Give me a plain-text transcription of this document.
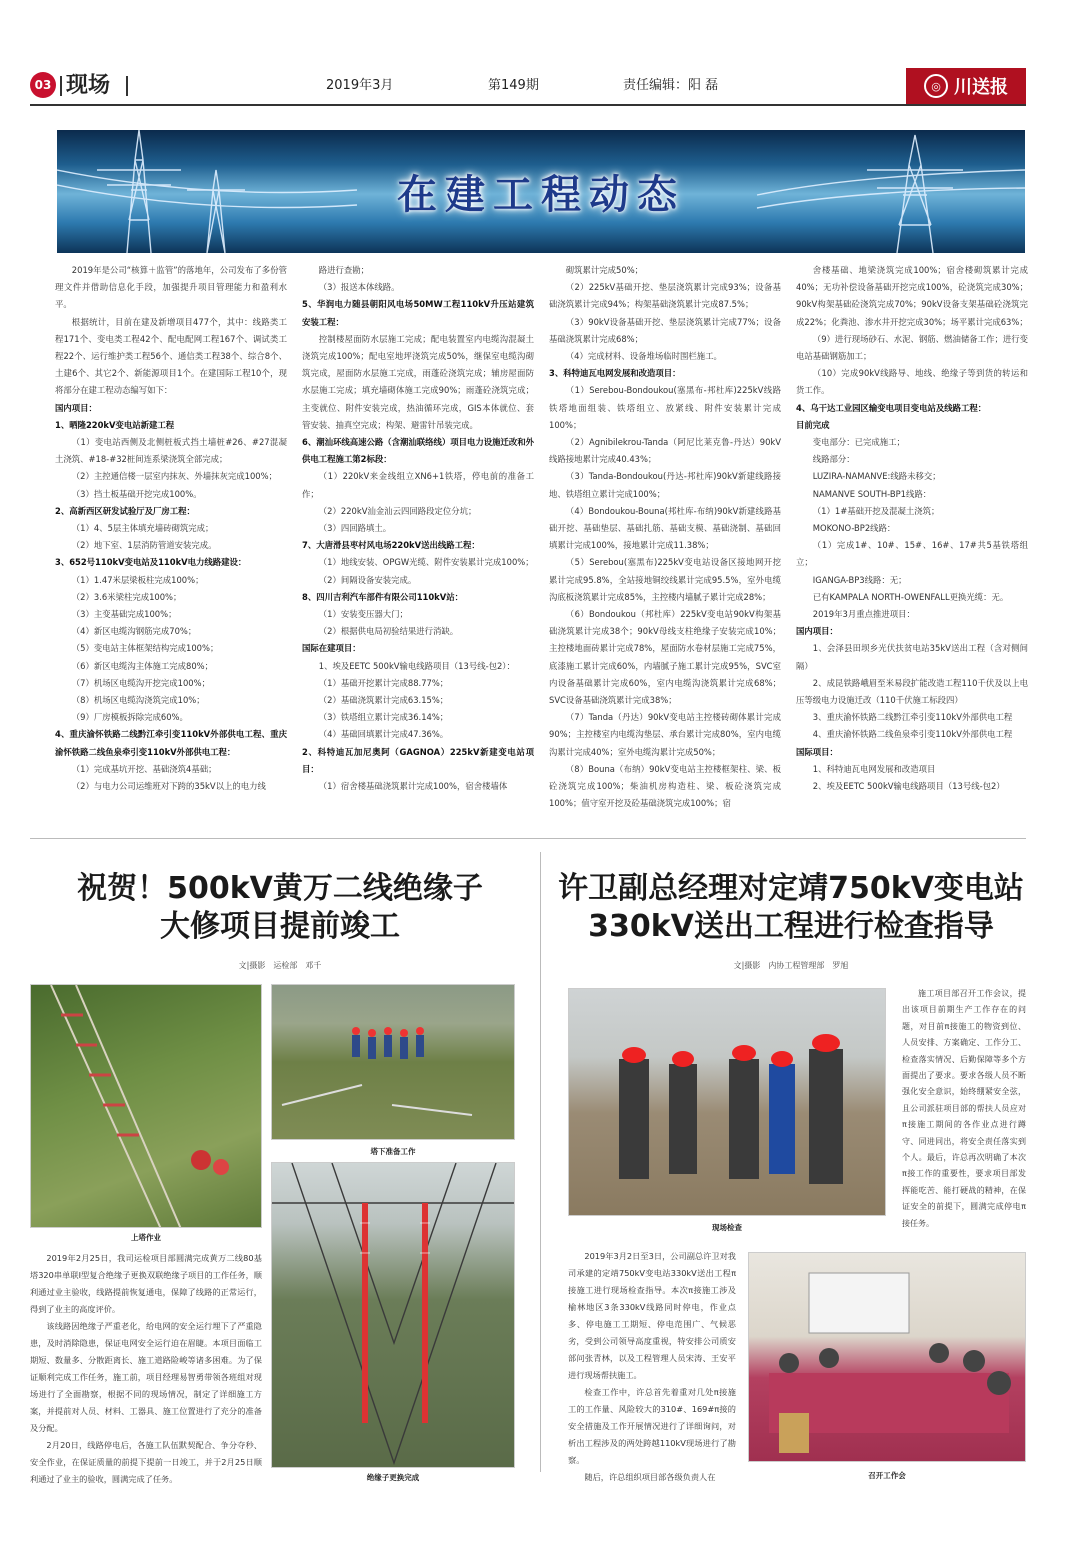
03 现场	2019年3月	第149期	责任编辑：阳 磊	◎ 川送报
在建工程动态

2019年是公司“核算＋监管”的落地年，公司发布了多份管理文件并借助信息化手段，加强提升项目管理能力和盈利水平。

根据统计，目前在建及新增项目477个，其中：线路类工程171个、变电类工程42个、配电配网工程167个、调试类工程22个、运行维护类工程56个、通信类工程38个、综合8个、土建6个、其它2个、新能源项目1个。在建国际工程10个，现将部分在建工程动态编写如下：

国内项目：

1、晒隆220kV变电站新建工程

（1）变电站西侧及北侧桩板式挡土墙桩#26、#27混凝土浇筑、#18-#32桩间连系梁浇筑全部完成；

（2）主控通信楼一层室内抹灰、外墙抹灰完成100%；

（3）挡土板基础开挖完成100%。

2、高新西区研发试验厅及厂房工程：

（1）4、5层主体填充墙砖砌筑完成；

（2）地下室、1层消防管道安装完成。

3、652号110kV变电站及110kV电力线路建设：

（1）1.47米层梁板柱完成100%；

（2）3.6米梁柱完成100%；

（3）主变基础完成100%；

（4）新区电缆沟钢筋完成70%；

（5）变电站主体框架结构完成100%；

（6）新区电缆沟主体施工完成80%；

（7）机场区电缆沟开挖完成100%；

（8）机场区电缆沟浇筑完成10%；

（9）厂房模板拆除完成60%。

4、重庆渝怀铁路二线黔江牵引变110kV外部供电工程、重庆渝怀铁路二线鱼泉牵引变110kV外部供电工程：

（1）完成基坑开挖、基础浇筑4基础；

（2）与电力公司运维班对下跨的35kV以上的电力线

路进行查勘；

（3）报送本体线路。

5、华润电力随县朝阳风电场50MW工程110kV升压站建筑安装工程：

控制楼屋面防水层施工完成；配电装置室内电缆沟混凝土浇筑完成100%；配电室地坪浇筑完成50%，继保室电缆沟砌筑完成，屋面防水层施工完成，雨蓬砼浇筑完成；辅房屋面防水层施工完成；填充墙砌体施工完成90%；雨蓬砼浇筑完成；主变就位、附件安装完成，热油循环完成，GIS本体就位、套管安装、抽真空完成；构架、避雷针吊装完成。

6、潮汕环线高速公路（含潮汕联络线）项目电力设施迁改和外供电工程施工第2标段：

（1）220kV来金线组立XN6+1铁塔，停电前的准备工作；

（2）220kV汕金汕云四回路段定位分坑；

（3）四回路填土。

7、大唐滑县枣村风电场220kV送出线路工程：

（1）地线安装、OPGW光缆、附件安装累计完成100%；

（2）间隔设备安装完成。

8、四川吉利汽车部件有限公司110kV站：

（1）安装变压器大门；

（2）根据供电局初验结果进行消缺。

国际在建项目：

1、埃及EETC 500kV输电线路项目（13号线-包2）：

（1）基础开挖累计完成88.77%；

（2）基础浇筑累计完成63.15%；

（3）铁塔组立累计完成36.14%；

（4）基础回填累计完成47.36%。

2、科特迪瓦加尼奥阿（GAGNOA）225kV新建变电站项目：

（1）宿舍楼基础浇筑累计完成100%，宿舍楼墙体

砌筑累计完成50%；

（2）225kV基础开挖、垫层浇筑累计完成93%；设备基础浇筑累计完成94%；构架基础浇筑累计完成87.5%；

（3）90kV设备基础开挖、垫层浇筑累计完成77%；设备基础浇筑累计完成68%；

（4）完成材料、设备堆场临时围栏施工。

3、科特迪瓦电网发展和改造项目：

（1）Serebou-Bondoukou(塞黑布-邦杜库)225kV线路铁塔地面组装、铁塔组立、放紧线、附件安装累计完成100%；

（2）Agnibilekrou-Tanda（阿尼比莱克鲁-丹达）90kV线路接地累计完成40.43%；

（3）Tanda-Bondoukou(丹达-邦杜库)90kV新建线路接地、铁塔组立累计完成100%；

（4）Bondoukou-Bouna(邦杜库-布纳)90kV新建线路基础开挖、基础垫层、基础扎筋、基础支模、基础浇制、基础回填累计完成100%，接地累计完成11.38%；

（5）Serebou(塞黑布)225kV变电站设备区接地网开挖累计完成95.8%，全站接地铜绞线累计完成95.5%，室外电缆沟底板浇筑累计完成85%，主控楼内墙腻子累计完成28%；

（6）Bondoukou（邦杜库）225kV变电站90kV构架基础浇筑累计完成38个；90kV母线支柱绝缘子安装完成10%；主控楼地面砖累计完成78%，屋面防水卷材层施工完成75%，底漆施工累计完成60%，内墙腻子施工累计完成95%，SVC室内设备基础累计完成60%，室内电缆沟浇筑累计完成68%；SVC设备基础浇筑累计完成38%；

（7）Tanda（丹达）90kV变电站主控楼砖砌体累计完成90%；主控楼室内电缆沟垫层、承台累计完成80%，室内电缆沟累计完成40%；室外电缆沟累计完成50%；

（8）Bouna（布纳）90kV变电站主控楼框架柱、梁、板砼浇筑完成100%；柴油机房构造柱、梁、板砼浇筑完成100%；值守室开挖及砼基础浇筑完成100%；宿

舍楼基础、地梁浇筑完成100%；宿舍楼砌筑累计完成40%；无功补偿设备基础开挖完成100%，砼浇筑完成30%；90kV构架基础砼浇筑完成70%；90kV设备支架基础砼浇筑完成22%；化粪池、渗水井开挖完成30%；场平累计完成63%；

（9）进行现场砂石、水泥、钢筋、燃油储备工作；进行变电站基础钢筋加工；

（10）完成90kV线路导、地线、绝缘子等到货的转运和货工作。

4、乌干达工业园区输变电项目变电站及线路工程：

目前完成

变电部分：已完成施工；

线路部分：

LUZIRA-NAMANVE:线路未移交；

NAMANVE SOUTH-BP1线路：

（1）1#基础开挖及混凝土浇筑；

MOKONO-BP2线路：

（1）完成1#、10#、15#、16#、17#共5基铁塔组立；

IGANGA-BP3线路：无；

已有KAMPALA NORTH-OWENFALL更换光缆：无。

2019年3月重点推进项目：

国内项目：

1、会泽县田坝乡光伏扶贫电站35kV送出工程（含对侧间隔）

2、成昆铁路峨眉至米易段扩能改造工程110千伏及以上电压等级电力设施迁改（110千伏施工标段四）

3、重庆渝怀铁路二线黔江牵引变110kV外部供电工程

4、重庆渝怀铁路二线鱼泉牵引变110kV外部供电工程

国际项目：

1、科特迪瓦电网发展和改造项目

2、埃及EETC 500kV输电线路项目（13号线-包2）

祝贺！500kV黄万二线绝缘子
大修项目提前竣工
文|摄影　运检部　邓千
上塔作业
塔下准备工作
绝缘子更换完成

2019年2月25日，我司运检项目部圆满完成黄万二线80基塔320串单联I型复合绝缘子更换双联绝缘子项目的工作任务，顺利通过业主验收，线路提前恢复通电，保障了线路的正常运行，得到了业主的高度评价。

该线路因绝缘子严重老化，给电网的安全运行埋下了严重隐患，及时消除隐患，保证电网安全运行迫在眉睫。本项目面临工期短、数量多、分散距离长、施工道路险峻等诸多困难。为了保证顺利完成工作任务，施工前，项目经理易智勇带领各班组对现场进行了全面勘察，根据不同的现场情况，制定了详细施工方案，并提前对人员、材料、工器具、施工位置进行了充分的准备及分配。

2月20日，线路停电后，各施工队伍默契配合、争分夺秒、安全作业，在保证质量的前提下提前一日竣工，并于2月25日顺利通过了业主的验收，圆满完成了任务。

许卫副总经理对定靖750kV变电站
330kV送出工程进行检查指导
文|摄影　内协工程管理部　罗旭
现场检查

施工项目部召开工作会议，提出该项目前期生产工作存在的问题，对目前π接施工的物资到位、人员安排、方案确定、工作分工、检查落实情况、后勤保障等多个方面提出了要求。要求各级人员不断强化安全意识，始终绷紧安全弦，且公司派驻项目部的帮扶人员应对π接施工期间的各作业点进行蹲守、同进同出，将安全责任落实到个人。最后，许总再次明确了本次π接工作的重要性，要求项目部发挥能吃苦、能打硬战的精神，在保证安全的前提下，圆满完成停电π接任务。

2019年3月2日至3日，公司副总许卫对我司承建的定靖750kV变电站330kV送出工程π接施工进行现场检查指导。本次π接施工涉及榆林地区3条330kV线路同时停电，作业点多、停电施工工期短、停电范围广、气候恶劣，受到公司领导高度重视，特安排公司质安部问张青林，以及工程管理人员宋涛、王安平进行现场帮扶施工。

检查工作中，许总首先着重对几处π接施工的工作量、风险较大的310#、169#π接的安全措施及工作开展情况进行了详细询问，对析出工程涉及的两处跨越110kV现场进行了勘察。

随后，许总组织项目部各级负责人在	召开工作会
